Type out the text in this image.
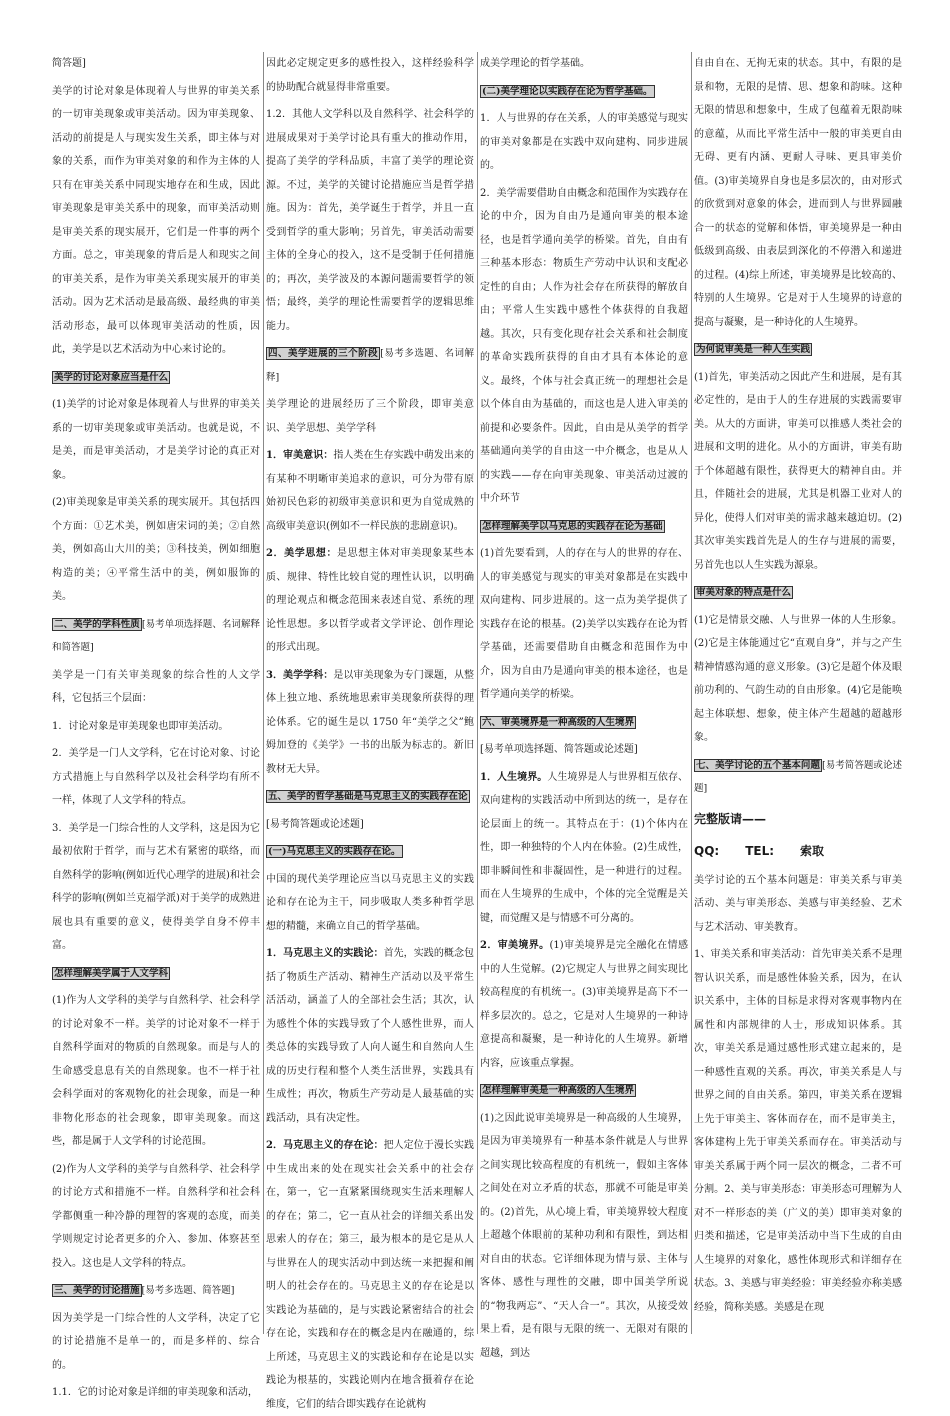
简答题]

美学的讨论对象是体现着人与世界的审美关系的一切审美现象或审美活动。因为审美现象、活动的前提是人与现实发生关系，即主体与对象的关系，而作为审美对象的和作为主体的人只有在审美关系中同现实地存在和生成，因此审美现象是审美关系中的现象，而审美活动则是审美关系的现实展开，它们是一件事的两个方面。总之，审美现象的背后是人和现实之间的审美关系，是作为审美关系现实展开的审美活动。因为艺术活动是最高级、最经典的审美活动形态，最可以体现审美活动的性质，因此，美学是以艺术活动为中心来讨论的。

美学的讨论对象应当是什么

(1)美学的讨论对象是体现着人与世界的审美关系的一切审美现象或审美活动。也就是说，不是美，而是审美活动，才是美学讨论的真正对象。

(2)审美现象是审美关系的现实展开。其包括四个方面：①艺术美，例如唐宋词的美；②自然美，例如高山大川的美；③科技美，例如细胞构造的美；④平常生活中的美，例如服饰的美。

二、美学的学科性质 [易考单项选择题、名词解释和简答题]

美学是一门有关审美现象的综合性的人文学科，它包括三个层面：

1．讨论对象是审美现象也即审美活动。

2．美学是一门人文学科，它在讨论对象、讨论方式措施上与自然科学以及社会科学均有所不一样，体现了人文学科的特点。

3．美学是一门综合性的人文学科，这是因为它最初依附于哲学，而与艺术有紧密的联络，而自然科学的影响(例如近代心理学的进展)和社会科学的影响(例如兰克福学派)对于美学的成熟进展也具有重要的意义，使得美学自身不停丰富。

怎样理解美学属于人文学科

(1)作为人文学科的美学与自然科学、社会科学的讨论对象不一样。美学的讨论对象不一样于自然科学面对的物质的自然现象。而是与人的生命感受息息有关的自然现象。也不一样于社会科学面对的客观物化的社会现象，而是一种非物化形态的社会现象，即审美现象。而这些，都是属于人文学科的讨论范围。

(2)作为人文学科的美学与自然科学、社会科学的讨论方式和措施不一样。自然科学和社会科学都侧重一种冷静的理智的客观的态度，而美学则规定讨论者更多的介入、参加、体察甚至投入。这也是人文学科的特点。

三、美学的讨论措施 [易考多选题、简答题]

因为美学是一门综合性的人文学科，决定了它的讨论措施不是单一的，而是多样的、综合的。

1.1．它的讨论对象是详细的审美现象和活动，

因此必定规定更多的感性投入，这样经验科学的协助配合就显得非常重要。

1.2．其他人文学科以及自然科学、社会科学的进展成果对于美学讨论具有重大的推动作用，提高了美学的学科品质，丰富了美学的理论资源。不过，美学的关键讨论措施应当是哲学措施。因为：首先，美学诞生于哲学，并且一直受到哲学的重大影响；另首先，审美活动需要主体的全身心的投入，这不是受制于任何措施的；再次，美学波及的本源问题需要哲学的领悟；最终，美学的理论性需要哲学的逻辑思维能力。

四、美学进展的三个阶段 [易考多选题、名词解释]

美学理论的进展经历了三个阶段，即审美意识、美学思想、美学学科

1．审美意识：指人类在生存实践中萌发出来的有某种不明晰审美追求的意识，可分为带有原始初民色彩的初级审美意识和更为自觉成熟的高级审美意识(例如不一样民族的悲剧意识)。

2．美学思想：是思想主体对审美现象某些本质、规律、特性比较自觉的理性认识，以明确的理论观点和概念范围来表述自觉、系统的理论性思想。多以哲学或者文学评论、创作理论的形式出现。

3．美学学科：是以审美现象为专门课题，从整体上独立地、系统地思索审美现象所获得的理论体系。它的诞生是以 1750 年“美学之父”鲍姆加登的《美学》一书的出版为标志的。新旧教材无大异。

五、美学的哲学基础是马克思主义的实践存在论

[易考简答题或论述题]

(一)马克思主义的实践存在论。

中国的现代美学理论应当以马克思主义的实践论和存在论为主干，同步吸取人类多种哲学思想的精髓，来确立自己的哲学基础。

1．马克思主义的实践论：首先，实践的概念包括了物质生产活动、精神生产活动以及平常生活活动，涵盖了人的全部社会生活；其次，认为感性个体的实践导致了个人感性世界，而人类总体的实践导致了人向人诞生和自然向人生成的历史行程和整个人类生活世界，实践具有生成性；再次，物质生产劳动是人最基础的实践活动，具有决定性。

2．马克思主义的存在论：把人定位于漫长实践中生成出来的处在现实社会关系中的社会存在，第一，它一直紧紧围绕现实生活来理解人的存在；第二，它一直从社会的详细关系出发思索人的存在；第三，最为根本的是它是从人与世界在人的现实活动中到达统一来把握和阐明人的社会存在的。马克思主义的存在论是以实践论为基础的，是与实践论紧密结合的社会存在论，实践和存在的概念是内在融通的，综上所述，马克思主义的实践论和存在论是以实践论为根基的，实践论则内在地含摄着存在论维度，它们的结合即实践存在论就构

成美学理论的哲学基础。

(二)美学理论以实践存在论为哲学基础。

1．人与世界的存在关系，人的审美感觉与现实的审美对象都是在实践中双向建构、同步进展的。

2．美学需要借助自由概念和范围作为实践存在论的中介，因为自由乃是通向审美的根本途径，也是哲学通向美学的桥梁。首先，自由有三种基本形态：物质生产劳动中认识和支配必定性的自由；人作为社会存在所获得的解放自由；平常人生实践中感性个体获得的自我超越。其次，只有变化现存社会关系和社会制度的革命实践所获得的自由才具有本体论的意义。最终，个体与社会真正统一的理想社会是以个体自由为基础的，而这也是人进入审美的前提和必要条件。因此，自由是从美学的哲学基础通向美学的自由这一中介概念，也是从人的实践——存在向审美现象、审美活动过渡的中介环节

怎样理解美学以马克思的实践存在论为基础

(1)首先要看到，人的存在与人的世界的存在、人的审美感觉与现实的审美对象都是在实践中双向建构、同步进展的。这一点为美学提供了实践存在论的根基。(2)美学以实践存在论为哲学基础，还需要借助自由概念和范围作为中介，因为自由乃是通向审美的根本途径，也是哲学通向美学的桥梁。

六、审美境界是一种高级的人生境界

[易考单项选择题、简答题或论述题]

1．人生境界。人生境界是人与世界相互依存、双向建构的实践活动中所到达的统一，是存在论层面上的统一。其特点在于：(1)个体内在性，即一种独特的个人内在体验。(2)生成性，即非瞬间性和非凝固性，是一种进行的过程。而在人生境界的生成中，个体的完全觉醒是关键，而觉醒又是与情感不可分离的。

2．审美境界。(1)审美境界是完全融化在情感中的人生觉解。(2)它规定人与世界之间实现比较高程度的有机统一。(3)审美境界是高下不一样多层次的。总之，它是对人生境界的一种诗意提高和凝聚，是一种诗化的人生境界。新增内容，应该重点掌握。

怎样理解审美是一种高级的人生境界

(1)之因此说审美境界是一种高级的人生境界，是因为审美境界有一种基本条件就是人与世界之间实现比较高程度的有机统一，假如主客体之间处在对立矛盾的状态，那就不可能是审美的。(2)首先，从心境上看，审美境界较大程度上超越个体眼前的某种功利和有限性，到达相对自由的状态。它详细体现为情与景、主体与客体、感性与理性的交融，即中国美学所说的“物我两忘”、“天人合一”。其次，从接受效果上看，是有限与无限的统一、无限对有限的超越，到达

自由自在、无拘无束的状态。其中，有限的是景和物，无限的是情、思、想象和韵味。这种无限的情思和想象中，生成了包蕴着无限韵味的意蕴，从而比平常生活中一般的审美更自由无碍、更有内涵、更耐人寻味、更具审美价值。(3)审美境界自身也是多层次的，由对形式的欣赏到对意象的体会，进而到人与世界圆融合一的状态的觉解和体悟，审美境界是一种由低级到高级、由表层到深化的不停潜入和递进的过程。(4)综上所述，审美境界是比较高的、特别的人生境界。它是对于人生境界的诗意的提高与凝聚，是一种诗化的人生境界。

为何说审美是一种人生实践

(1)首先，审美活动之因此产生和进展，是有其必定性的，是由于人的生存进展的实践需要审美。从大的方面讲，审美可以推感人类社会的进展和文明的进化。从小的方面讲，审美有助于个体超越有限性，获得更大的精神自由。并且，伴随社会的进展，尤其是机器工业对人的异化，使得人们对审美的需求越来越迫切。(2)其次审美实践首先是人的生存与进展的需要，另首先也以人生实践为源泉。

审美对象的特点是什么

(1)它是情景交融、人与世界一体的人生形象。(2)它是主体能通过它“直观自身”，并与之产生精神情感沟通的意义形象。(3)它是超个体及眼前功利的、气韵生动的自由形象。(4)它是能唤起主体联想、想象，使主体产生超越的超越形象。

七、美学讨论的五个基本问题 [易考简答题或论述题]

完整版请——

QQ: TEL: 索取

美学讨论的五个基本问题是：审美关系与审美活动、美与审美形态、美感与审美经验、艺术与艺术活动、审美教育。

1、审美关系和审美活动：首先审美关系不是理智认识关系，而是感性体验关系，因为，在认识关系中，主体的目标是求得对客观事物内在属性和内部规律的人士，形成知识体系。其次，审美关系是通过感性形式建立起来的，是一种感性直观的关系。再次，审美关系是人与世界之间的自由关系。第四，审美关系在逻辑上先于审美主、客体而存在，而不是审美主，客体建构上先于审美关系而存在。审美活动与审美关系属于两个同一层次的概念，二者不可分割。2、美与审美形态：审美形态可理解为人对不一样形态的美（广义的美）即审美对象的归类和描述，它是审美活动中当下生成的自由人生境界的对象化，感性体现形式和详细存在状态。3、美感与审美经验：审美经验亦称美感经验，简称美感。美感是在现
